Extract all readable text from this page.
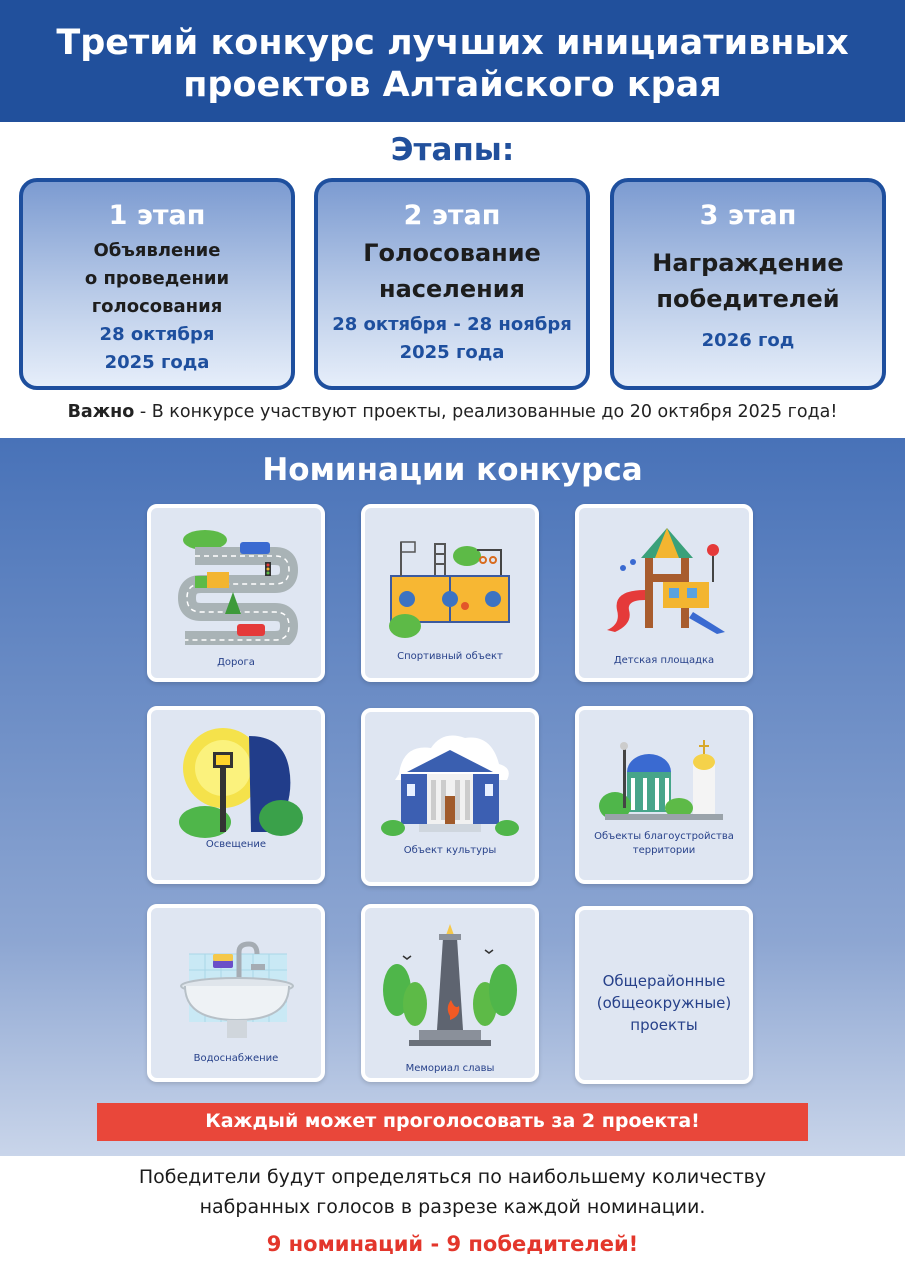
Третий конкурс лучших инициативных
проектов Алтайского края
Этапы:
1 этап
Объявление
о проведении
голосования
28 октября
2025 года
2 этап
Голосование
населения
28 октября - 28 ноября
2025 года
3 этап
Награждение
победителей
2026 год
Важно - В конкурсе участвуют проекты, реализованные до 20 октября 2025 года!
Номинации конкурса
Дорога
Спортивный объект	Детская площадка
Освещение
Объект культуры
Объекты благоустройства
территории
Водоснабжение
Мемориал славы
Общерайонные
(общеокружные)
проекты
Каждый может проголосовать за 2 проекта!
Победители будут определяться по наибольшему количеству
набранных голосов в разрезе каждой номинации.
9 номинаций - 9 победителей!
